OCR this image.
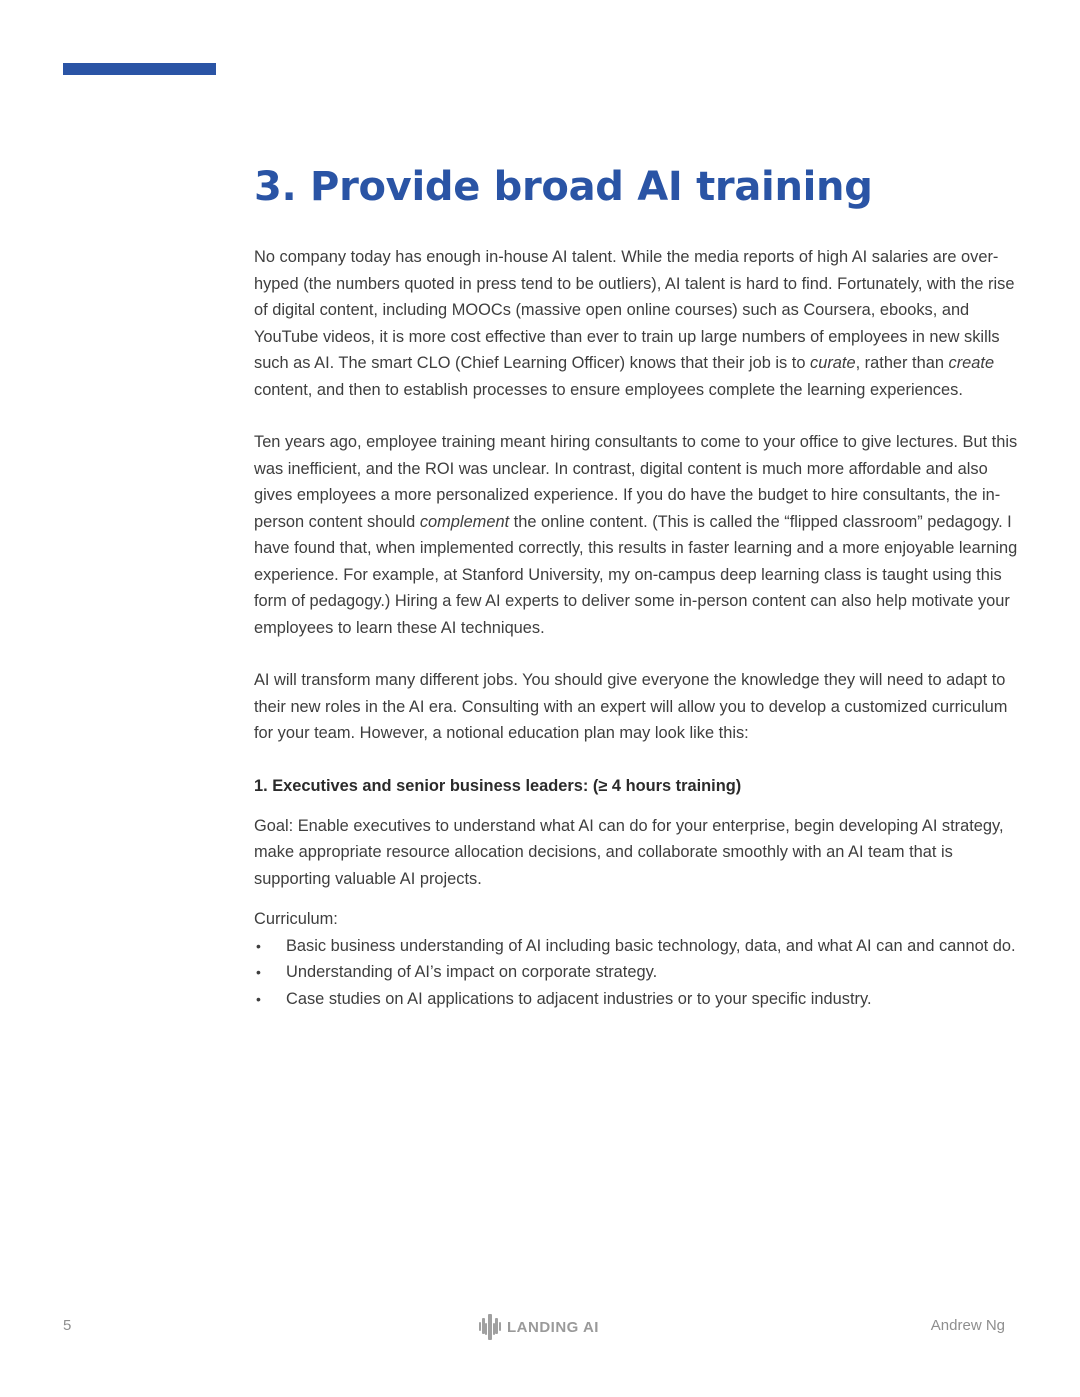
3. Provide broad AI training

No company today has enough in-house AI talent. While the media reports of high AI salaries are over-hyped (the numbers quoted in press tend to be outliers), AI talent is hard to find. Fortunately, with the rise of digital content, including MOOCs (massive open online courses) such as Coursera, ebooks, and YouTube videos, it is more cost effective than ever to train up large numbers of employees in new skills such as AI. The smart CLO (Chief Learning Officer) knows that their job is to curate, rather than create content, and then to establish processes to ensure employees complete the learning experiences.

Ten years ago, employee training meant hiring consultants to come to your office to give lectures. But this was inefficient, and the ROI was unclear. In contrast, digital content is much more affordable and also gives employees a more personalized experience. If you do have the budget to hire consultants, the in-person content should complement the online content. (This is called the “flipped classroom” pedagogy. I have found that, when implemented correctly, this results in faster learning and a more enjoyable learning experience. For example, at Stanford University, my on-campus deep learning class is taught using this form of pedagogy.) Hiring a few AI experts to deliver some in-person content can also help motivate your employees to learn these AI techniques.

AI will transform many different jobs. You should give everyone the knowledge they will need to adapt to their new roles in the AI era. Consulting with an expert will allow you to develop a customized curriculum for your team. However, a notional education plan may look like this:

1. Executives and senior business leaders: (≥ 4 hours training)

Goal: Enable executives to understand what AI can do for your enterprise, begin developing AI strategy, make appropriate resource allocation decisions, and collaborate smoothly with an AI team that is supporting valuable AI projects.

Curriculum:

• Basic business understanding of AI including basic technology, data, and what AI can and cannot do.
• Understanding of AI’s impact on corporate strategy.
• Case studies on AI applications to adjacent industries or to your specific industry.
5	LANDING AI	Andrew Ng
